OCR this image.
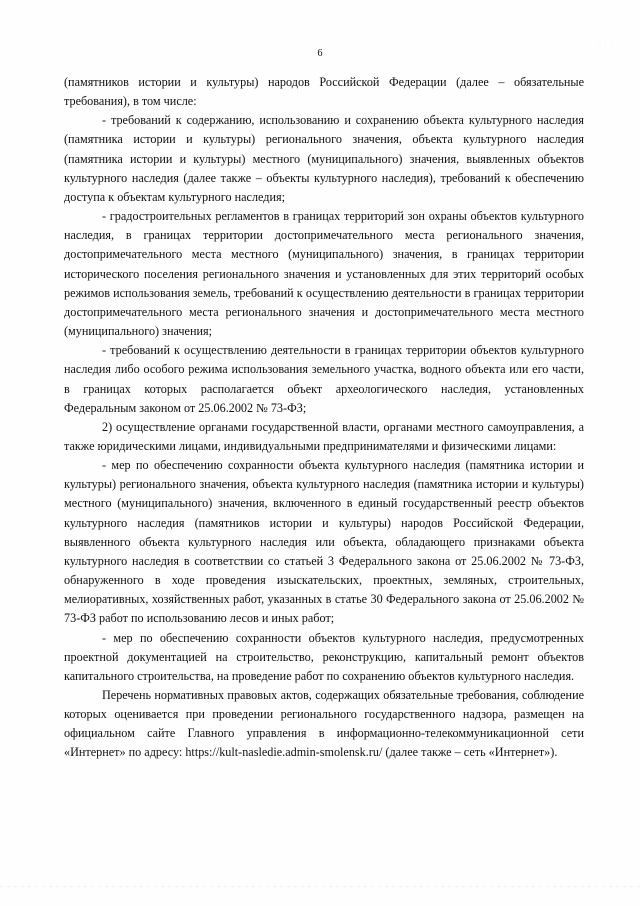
· · ·
6

(памятников истории и культуры) народов Российской Федерации (далее – обязательные требования), в том числе:

- требований к содержанию, использованию и сохранению объекта культурного наследия (памятника истории и культуры) регионального значения, объекта культурного наследия (памятника истории и культуры) местного (муниципального) значения, выявленных объектов культурного наследия (далее также – объекты культурного наследия), требований к обеспечению доступа к объектам культурного наследия;

- градостроительных регламентов в границах территорий зон охраны объектов культурного наследия, в границах территории достопримечательного места регионального значения, достопримечательного места местного (муниципального) значения, в границах территории исторического поселения регионального значения и установленных для этих территорий особых режимов использования земель, требований к осуществлению деятельности в границах территории достопримечательного места регионального значения и достопримечательного места местного (муниципального) значения;

- требований к осуществлению деятельности в границах территории объектов культурного наследия либо особого режима использования земельного участка, водного объекта или его части, в границах которых располагается объект археологического наследия, установленных Федеральным законом от 25.06.2002 № 73-ФЗ;

2) осуществление органами государственной власти, органами местного самоуправления, а также юридическими лицами, индивидуальными предпринимателями и физическими лицами:

- мер по обеспечению сохранности объекта культурного наследия (памятника истории и культуры) регионального значения, объекта культурного наследия (памятника истории и культуры) местного (муниципального) значения, включенного в единый государственный реестр объектов культурного наследия (памятников истории и культуры) народов Российской Федерации, выявленного объекта культурного наследия или объекта, обладающего признаками объекта культурного наследия в соответствии со статьей 3 Федерального закона от 25.06.2002 № 73-ФЗ, обнаруженного в ходе проведения изыскательских, проектных, земляных, строительных, мелиоративных, хозяйственных работ, указанных в статье 30 Федерального закона от 25.06.2002 № 73-ФЗ работ по использованию лесов и иных работ;

- мер по обеспечению сохранности объектов культурного наследия, предусмотренных проектной документацией на строительство, реконструкцию, капитальный ремонт объектов капитального строительства, на проведение работ по сохранению объектов культурного наследия.

Перечень нормативных правовых актов, содержащих обязательные требования, соблюдение которых оценивается при проведении регионального государственного надзора, размещен на официальном сайте Главного управления в информационно-телекоммуникационной сети «Интернет» по адресу: https://kult-nasledie.admin-smolensk.ru/ (далее также – сеть «Интернет»).
